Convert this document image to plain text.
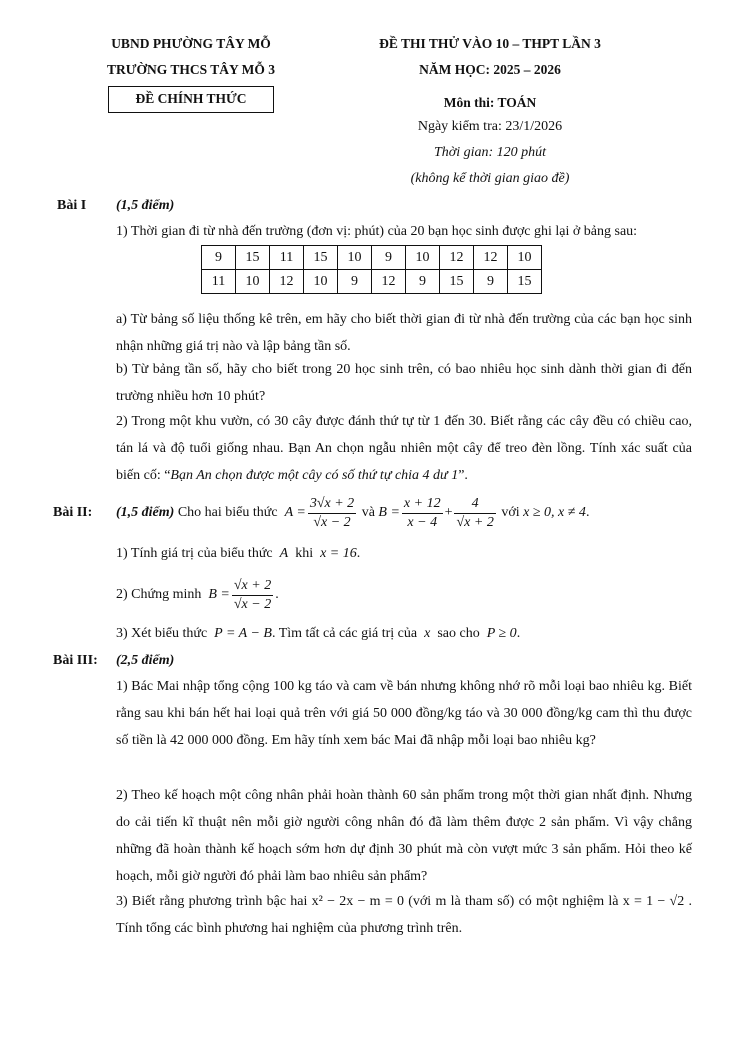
UBND PHƯỜNG TÂY MỖ
TRƯỜNG THCS TÂY MỖ 3
ĐỀ CHÍNH THỨC
ĐỀ THI THỬ VÀO 10 – THPT LẦN 3
NĂM HỌC: 2025 – 2026
Môn thi: TOÁN
Ngày kiểm tra: 23/1/2026
Thời gian: 120 phút
(không kể thời gian giao đề)
Bài I (1,5 điểm)
1) Thời gian đi từ nhà đến trường (đơn vị: phút) của 20 bạn học sinh được ghi lại ở bảng sau:
9	15	11	15	10	9	10	12	12	10
11	10	12	10	9	12	9	15	9	15
a) Từ bảng số liệu thống kê trên, em hãy cho biết thời gian đi từ nhà đến trường của các bạn học sinh nhận những giá trị nào và lập bảng tần số.
b) Từ bảng tần số, hãy cho biết trong 20 học sinh trên, có bao nhiêu học sinh dành thời gian đi đến trường nhiều hơn 10 phút?
2) Trong một khu vườn, có 30 cây được đánh thứ tự từ 1 đến 30. Biết rằng các cây đều có chiều cao, tán lá và độ tuổi giống nhau. Bạn An chọn ngẫu nhiên một cây để treo đèn lồng. Tính xác suất của biến cố: “Bạn An chọn được một cây có số thứ tự chia 4 dư 1”.
Bài II: (1,5 điểm)
Cho hai biểu thức
$A = \frac{3√x + 2}{√x - 2}$
và
$B = \frac{x + 12}{x - 4} + \frac{4}{√x + 2}$
với
x ≥ 0, x ≠ 4 .
1) Tính giá trị của biểu thức A khi x = 16.
2) Chứng minh
$B = \frac{√x + 2}{√x - 2}$ .
3) Xét biểu thức P = A − B. Tìm tất cả các giá trị của x sao cho P ≥ 0.
Bài III: (2,5 điểm)
1) Bác Mai nhập tổng cộng 100 kg táo và cam về bán nhưng không nhớ rõ mỗi loại bao nhiêu kg. Biết rằng sau khi bán hết hai loại quả trên với giá 50 000 đồng/kg táo và 30 000 đồng/kg cam thì thu được số tiền là 42 000 000 đồng. Em hãy tính xem bác Mai đã nhập mỗi loại bao nhiêu kg?
2) Theo kế hoạch một công nhân phải hoàn thành 60 sản phẩm trong một thời gian nhất định. Nhưng do cải tiến kĩ thuật nên mỗi giờ người công nhân đó đã làm thêm được 2 sản phẩm. Vì vậy chẳng những đã hoàn thành kế hoạch sớm hơn dự định 30 phút mà còn vượt mức 3 sản phẩm. Hỏi theo kế hoạch, mỗi giờ người đó phải làm bao nhiêu sản phẩm?
3) Biết rằng phương trình bậc hai x² − 2x − m = 0 (với m là tham số) có một nghiệm là x = 1 − √2 . Tính tổng các bình phương hai nghiệm của phương trình trên.
